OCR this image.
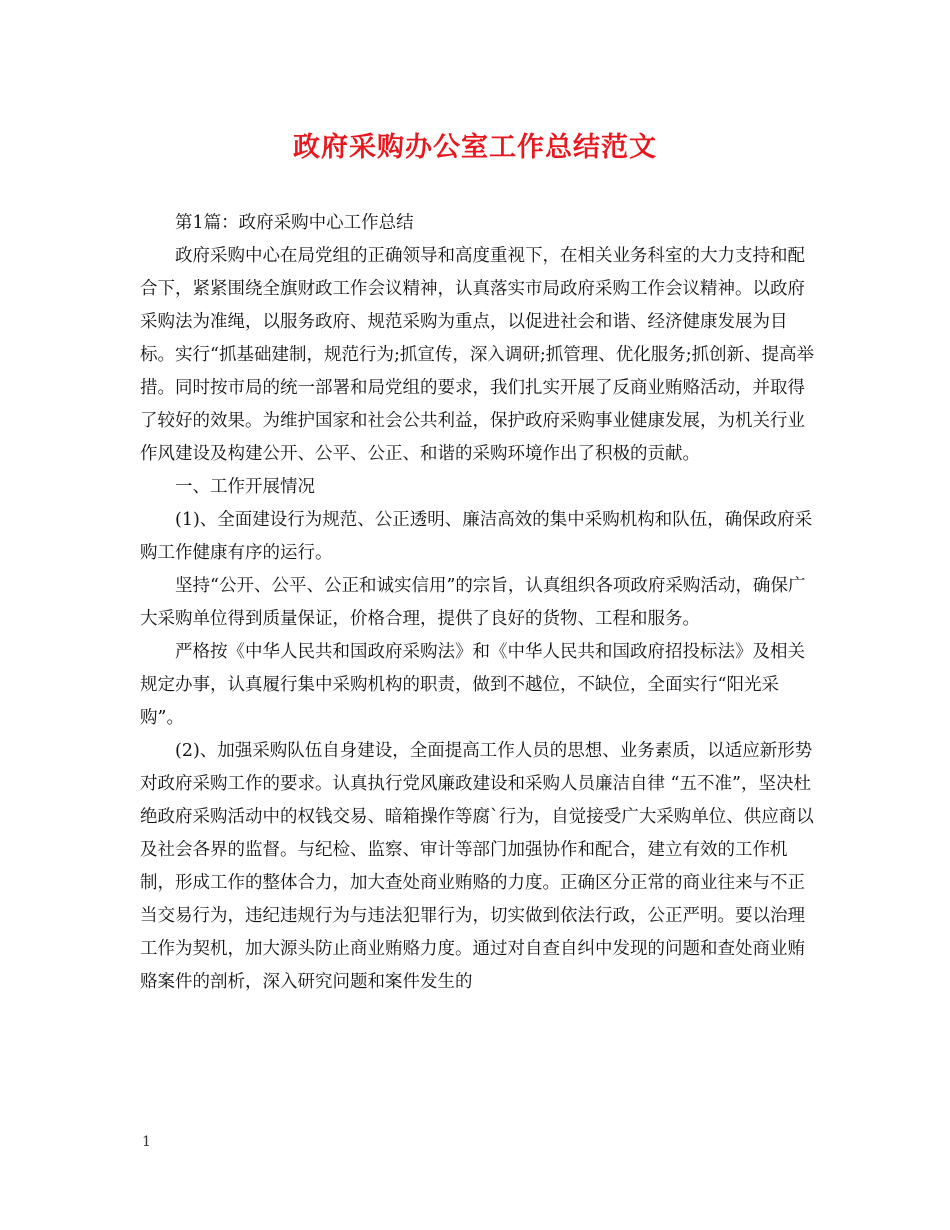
政府采购办公室工作总结范文

第1篇：政府采购中心工作总结

政府采购中心在局党组的正确领导和高度重视下，在相关业务科室的大力支持和配合下，紧紧围绕全旗财政工作会议精神，认真落实市局政府采购工作会议精神。以政府采购法为准绳，以服务政府、规范采购为重点，以促进社会和谐、经济健康发展为目标。实行“抓基础建制，规范行为;抓宣传，深入调研;抓管理、优化服务;抓创新、提高举措。同时按市局的统一部署和局党组的要求，我们扎实开展了反商业贿赂活动，并取得了较好的效果。为维护国家和社会公共利益，保护政府采购事业健康发展，为机关行业作风建设及构建公开、公平、公正、和谐的采购环境作出了积极的贡献。

一、工作开展情况

(1)、全面建设行为规范、公正透明、廉洁高效的集中采购机构和队伍，确保政府采购工作健康有序的运行。

坚持“公开、公平、公正和诚实信用”的宗旨，认真组织各项政府采购活动，确保广大采购单位得到质量保证，价格合理，提供了良好的货物、工程和服务。

严格按《中华人民共和国政府采购法》和《中华人民共和国政府招投标法》及相关规定办事，认真履行集中采购机构的职责，做到不越位，不缺位，全面实行“阳光采购”。

(2)、加强采购队伍自身建设，全面提高工作人员的思想、业务素质，以适应新形势对政府采购工作的要求。认真执行党风廉政建设和采购人员廉洁自律 “五不准”，坚决杜绝政府采购活动中的权钱交易、暗箱操作等腐`行为，自觉接受广大采购单位、供应商以及社会各界的监督。与纪检、监察、审计等部门加强协作和配合，建立有效的工作机制，形成工作的整体合力，加大查处商业贿赂的力度。正确区分正常的商业往来与不正当交易行为，违纪违规行为与违法犯罪行为，切实做到依法行政，公正严明。要以治理工作为契机，加大源头防止商业贿赂力度。通过对自查自纠中发现的问题和查处商业贿赂案件的剖析，深入研究问题和案件发生的

1
